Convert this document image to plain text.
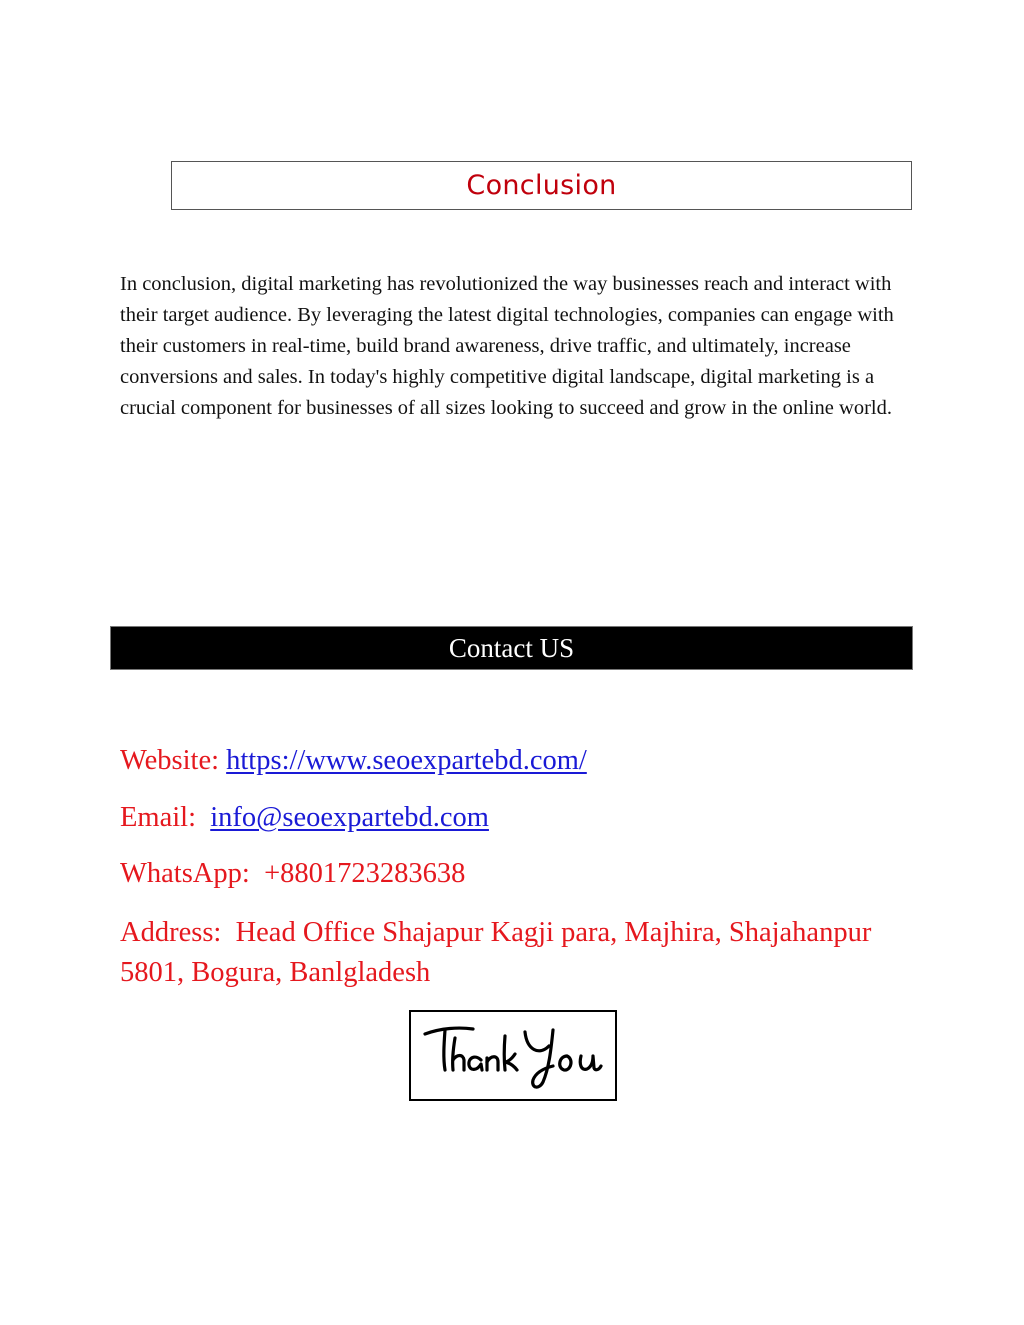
Conclusion

In conclusion, digital marketing has revolutionized the way businesses reach and interact with their target audience. By leveraging the latest digital technologies, companies can engage with their customers in real-time, build brand awareness, drive traffic, and ultimately, increase conversions and sales. In today's highly competitive digital landscape, digital marketing is a crucial component for businesses of all sizes looking to succeed and grow in the online world.

Contact US
Website: https://www.seoexpartebd.com/
Email:  info@seoexpartebd.com
WhatsApp:  +8801723283638
Address:  Head Office Shajapur Kagji para, Majhira, Shajahanpur 5801, Bogura, Banlgladesh
